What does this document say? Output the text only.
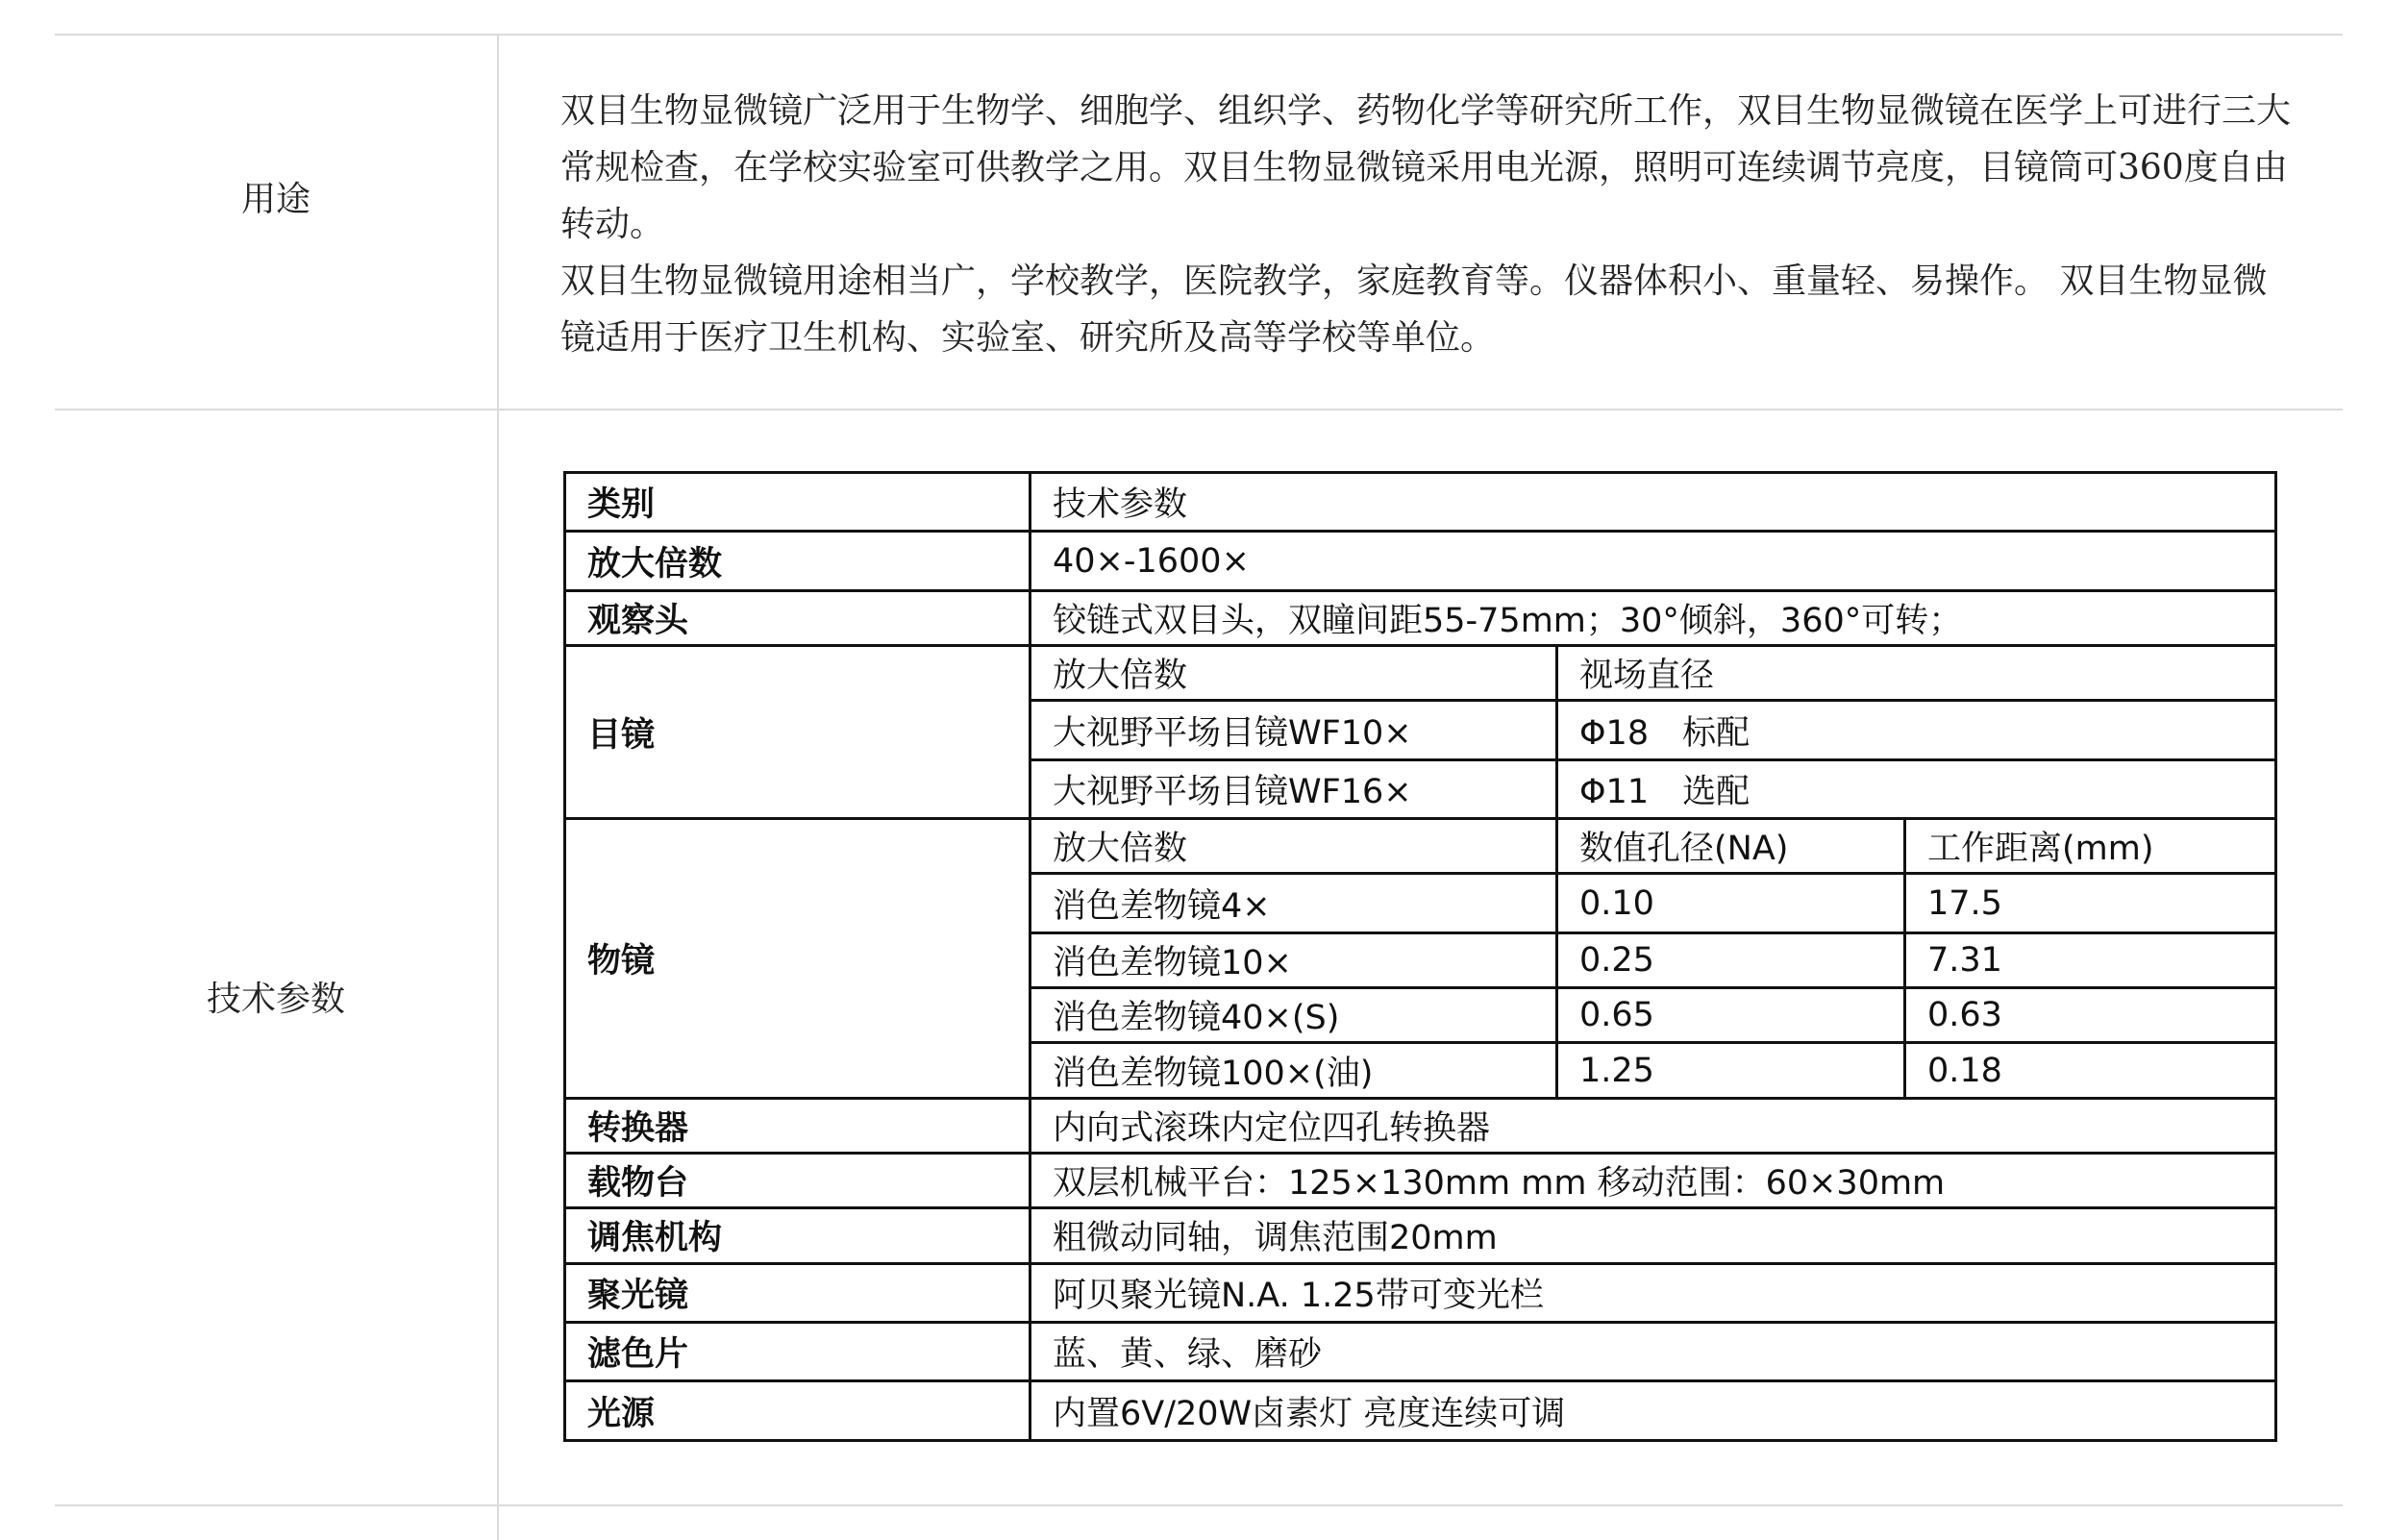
用途

双目生物显微镜广泛用于生物学、细胞学、组织学、药物化学等研究所工作，双目生物显微镜在医学上可进行三大常规检查，在学校实验室可供教学之用。双目生物显微镜采用电光源，照明可连续调节亮度，目镜筒可360度自由转动。

双目生物显微镜用途相当广，学校教学，医院教学，家庭教育等。仪器体积小、重量轻、易操作。 双目生物显微镜适用于医疗卫生机构、实验室、研究所及高等学校等单位。

技术参数
类别	技术参数		
放大倍数	40×-1600×		
观察头	铰链式双目头，双瞳间距55-75mm；30°倾斜，360°可转；		
目镜	放大倍数	视场直径	
	大视野平场目镜WF10×	Φ18　标配	
	大视野平场目镜WF16×	Φ11　选配	
物镜	放大倍数	数值孔径(NA)	工作距离(mm)
	消色差物镜4×	0.10	17.5
	消色差物镜10×	0.25	7.31
	消色差物镜40×(S)	0.65	0.63
	消色差物镜100×(油)	1.25	0.18
转换器	内向式滚珠内定位四孔转换器		
载物台	双层机械平台：125×130mm mm 移动范围：60×30mm		
调焦机构	粗微动同轴，调焦范围20mm		
聚光镜	阿贝聚光镜N.A. 1.25带可变光栏		
滤色片	蓝、黄、绿、磨砂		
光源	内置6V/20W卤素灯 亮度连续可调		
